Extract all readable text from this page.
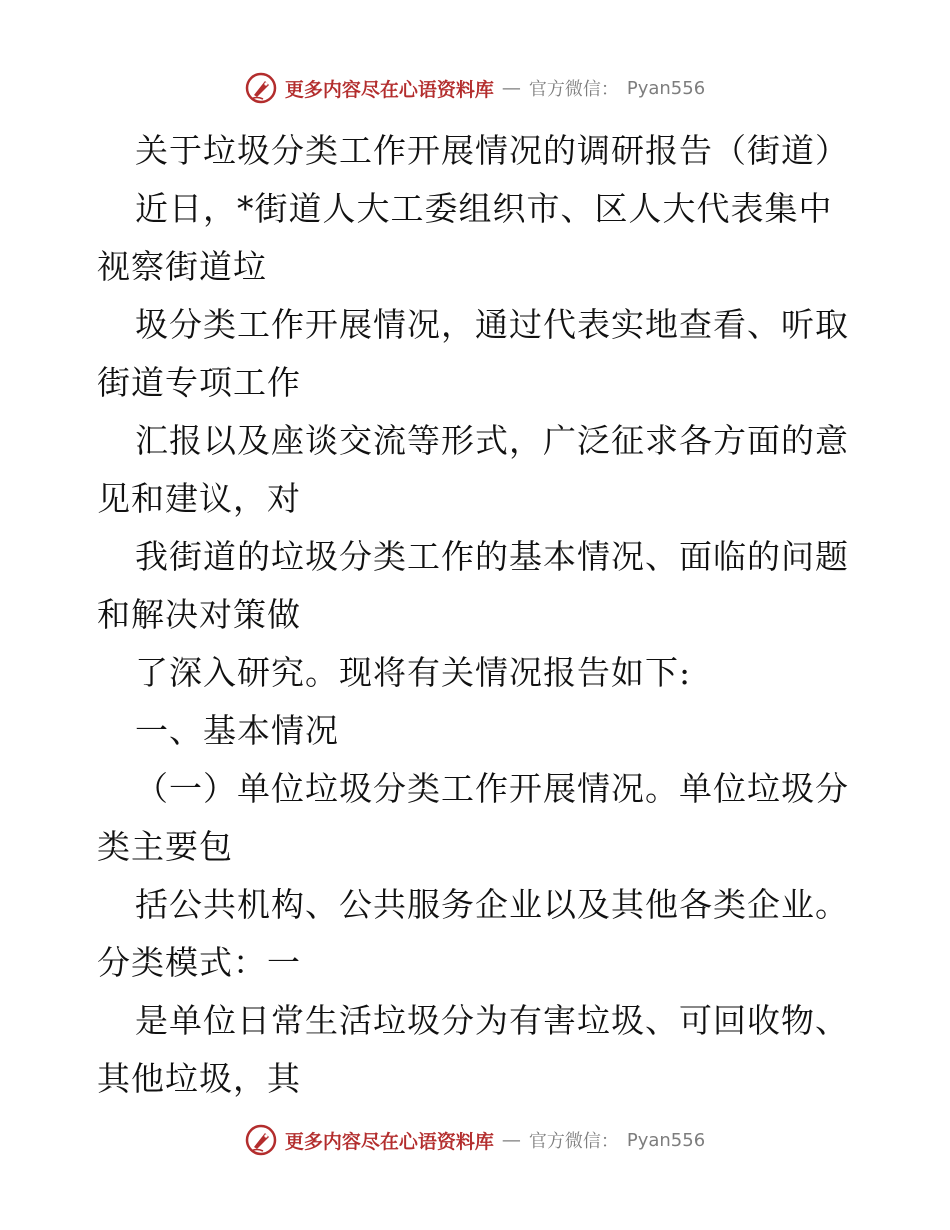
更多内容尽在心语资料库 — 官方微信： Pyan556
关于垃圾分类工作开展情况的调研报告（街道）
近日，*街道人大工委组织市、区人大代表集中
视察街道垃
圾分类工作开展情况，通过代表实地查看、听取
街道专项工作
汇报以及座谈交流等形式，广泛征求各方面的意
见和建议，对
我街道的垃圾分类工作的基本情况、面临的问题
和解决对策做
了深入研究。现将有关情况报告如下:
一、基本情况
（一）单位垃圾分类工作开展情况。单位垃圾分
类主要包
括公共机构、公共服务企业以及其他各类企业。
分类模式：一
是单位日常生活垃圾分为有害垃圾、可回收物、
其他垃圾，其
更多内容尽在心语资料库 — 官方微信： Pyan556
